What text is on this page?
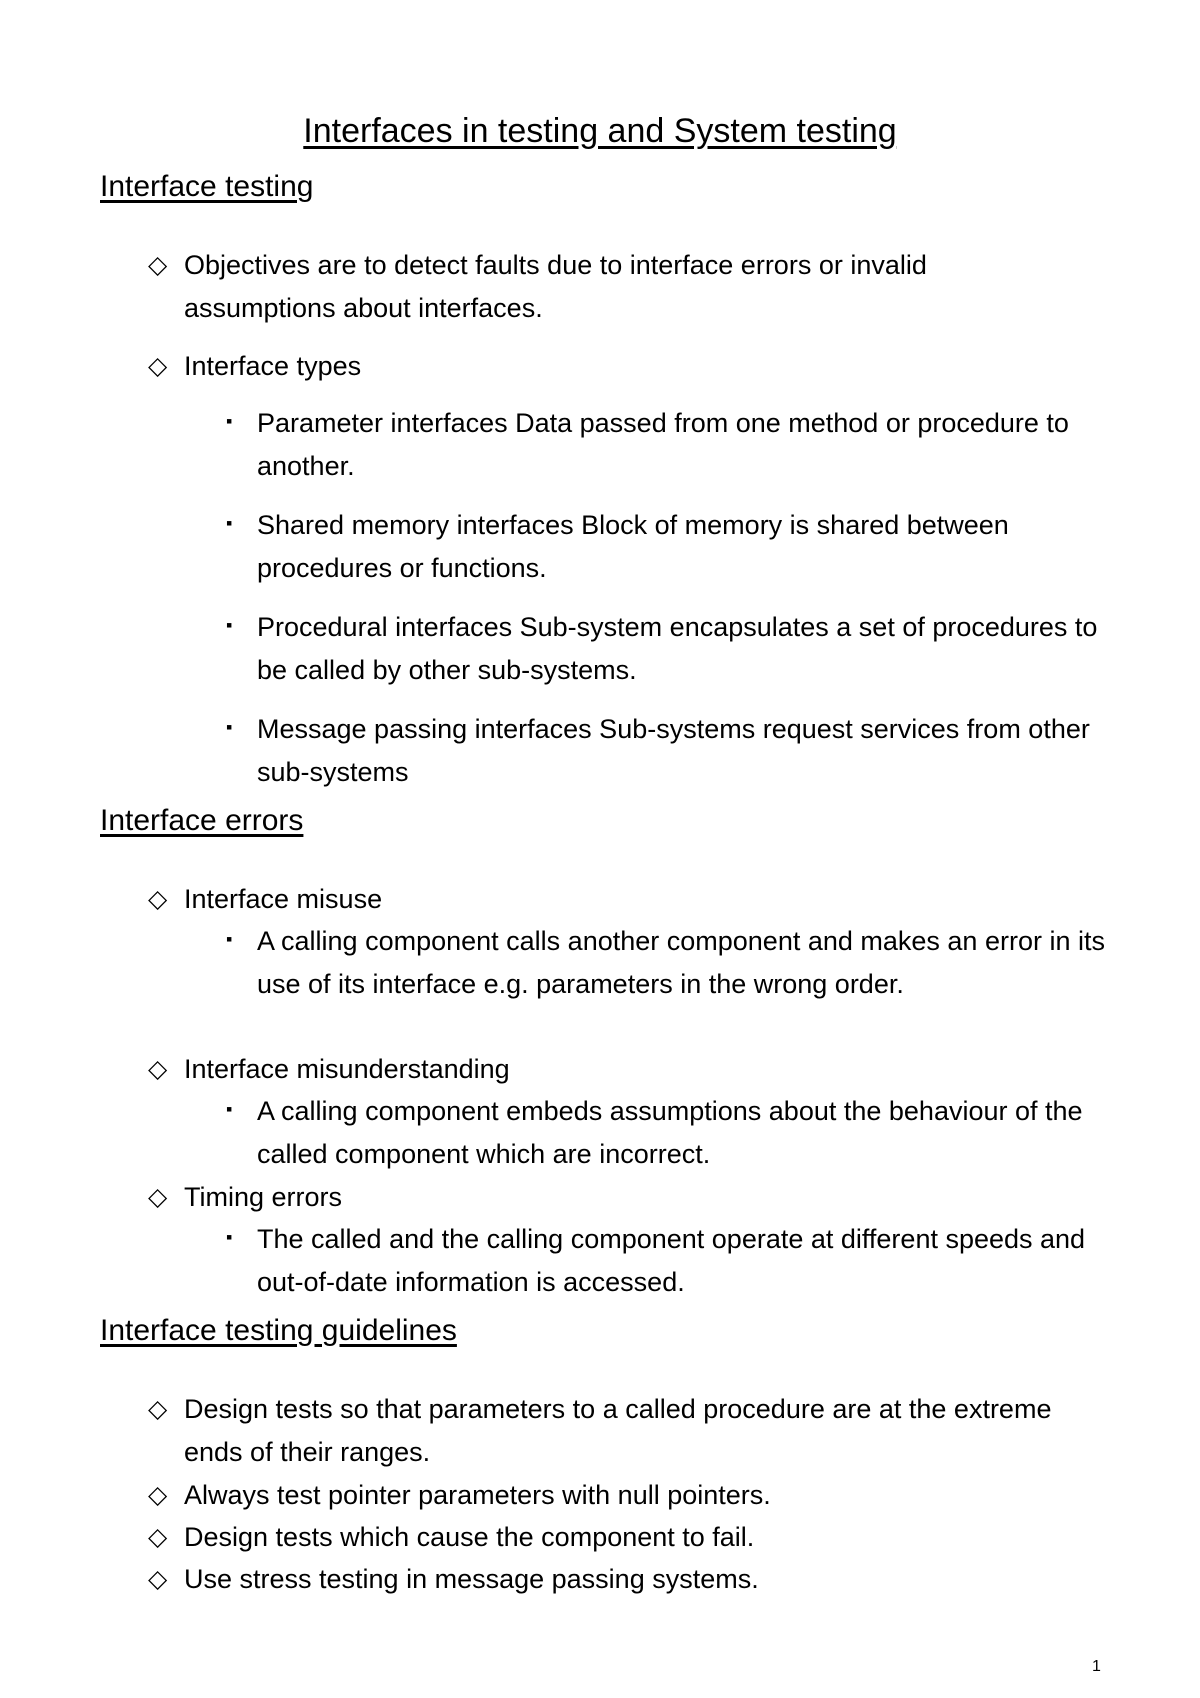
Interfaces in testing and System testing
Interface testing

◇ Objectives are to detect faults due to interface errors or invalid assumptions about interfaces.

◇ Interface types

▪ Parameter interfaces Data passed from one method or procedure to another.

▪ Shared memory interfaces Block of memory is shared between procedures or functions.

▪ Procedural interfaces Sub-system encapsulates a set of procedures to be called by other sub-systems.

▪ Message passing interfaces Sub-systems request services from other sub-systems

Interface errors

◇ Interface misuse

▪ A calling component calls another component and makes an error in its use of its interface e.g. parameters in the wrong order.

◇ Interface misunderstanding

▪ A calling component embeds assumptions about the behaviour of the called component which are incorrect.

◇ Timing errors

▪ The called and the calling component operate at different speeds and out-of-date information is accessed.

Interface testing guidelines

◇ Design tests so that parameters to a called procedure are at the extreme ends of their ranges.

◇ Always test pointer parameters with null pointers.

◇ Design tests which cause the component to fail.

◇ Use stress testing in message passing systems.

1
